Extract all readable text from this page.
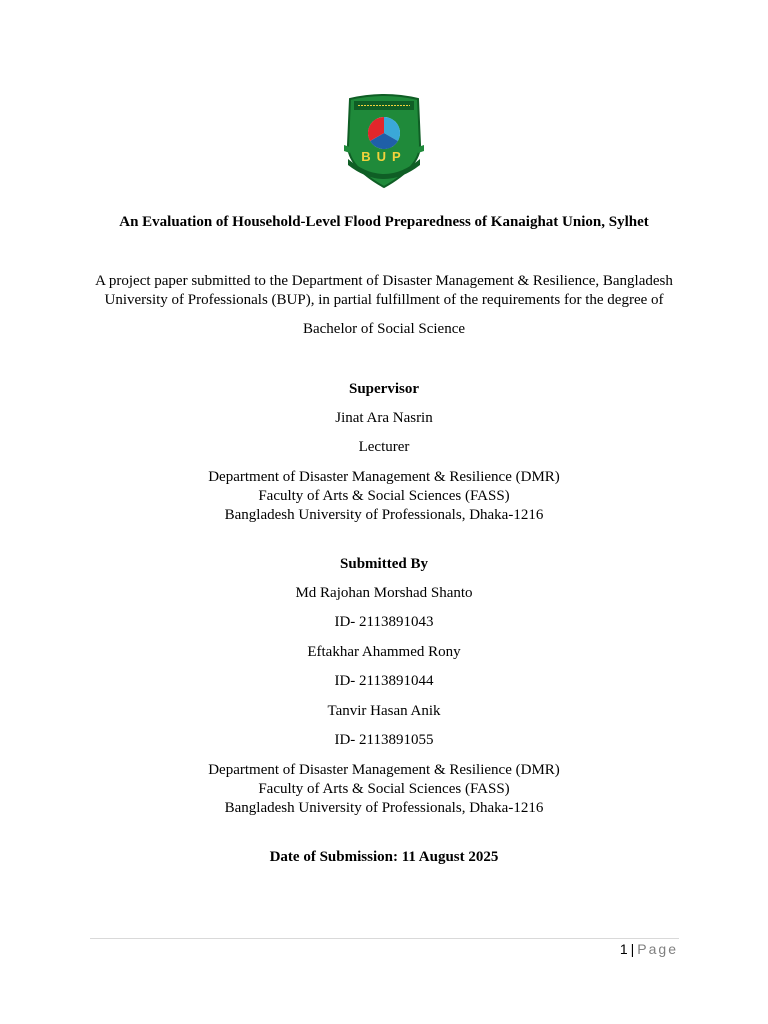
BUP
An Evaluation of Household-Level Flood Preparedness of Kanaighat Union, Sylhet
A project paper submitted to the Department of Disaster Management & Resilience, Bangladesh
University of Professionals (BUP), in partial fulfillment of the requirements for the degree of
Bachelor of Social Science
Supervisor
Jinat Ara Nasrin
Lecturer
Department of Disaster Management & Resilience (DMR)
Faculty of Arts & Social Sciences (FASS)
Bangladesh University of Professionals, Dhaka-1216
Submitted By
Md Rajohan Morshad Shanto
ID- 2113891043
Eftakhar Ahammed Rony
ID- 2113891044
Tanvir Hasan Anik
ID- 2113891055
Department of Disaster Management & Resilience (DMR)
Faculty of Arts & Social Sciences (FASS)
Bangladesh University of Professionals, Dhaka-1216
Date of Submission: 11 August 2025
1 | Page
